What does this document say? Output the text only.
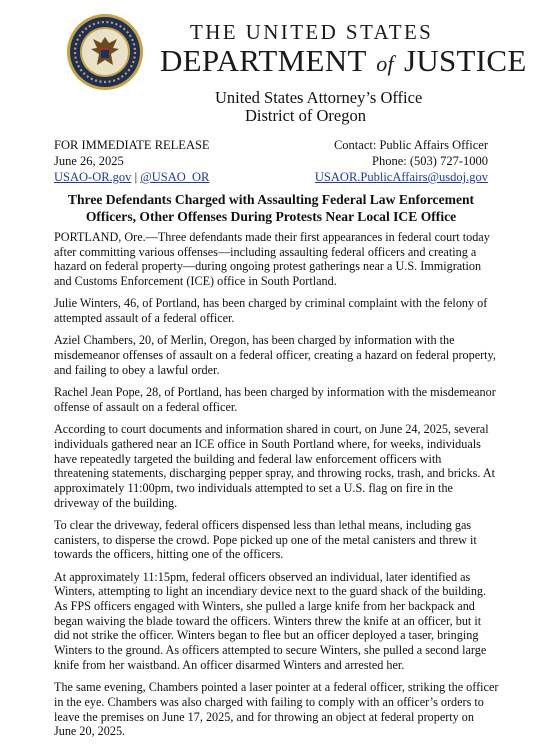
THE UNITED STATES
DEPARTMENT of JUSTICE
United States Attorney’s Office
District of Oregon
FOR IMMEDIATE RELEASE
June 26, 2025
USAO-OR.gov | @USAO_OR
Contact: Public Affairs Officer
Phone: (503) 727-1000
USAOR.PublicAffairs@usdoj.gov
Three Defendants Charged with Assaulting Federal Law Enforcement Officers, Other Offenses During Protests Near Local ICE Office

PORTLAND, Ore.—Three defendants made their first appearances in federal court today after committing various offenses—including assaulting federal officers and creating a hazard on federal property—during ongoing protest gatherings near a U.S. Immigration and Customs Enforcement (ICE) office in South Portland.

Julie Winters, 46, of Portland, has been charged by criminal complaint with the felony of attempted assault of a federal officer.

Aziel Chambers, 20, of Merlin, Oregon, has been charged by information with the misdemeanor offenses of assault on a federal officer, creating a hazard on federal property, and failing to obey a lawful order.

Rachel Jean Pope, 28, of Portland, has been charged by information with the misdemeanor offense of assault on a federal officer.

According to court documents and information shared in court, on June 24, 2025, several individuals gathered near an ICE office in South Portland where, for weeks, individuals have repeatedly targeted the building and federal law enforcement officers with threatening statements, discharging pepper spray, and throwing rocks, trash, and bricks. At approximately 11:00pm, two individuals attempted to set a U.S. flag on fire in the driveway of the building.

To clear the driveway, federal officers dispensed less than lethal means, including gas canisters, to disperse the crowd. Pope picked up one of the metal canisters and threw it towards the officers, hitting one of the officers.

At approximately 11:15pm, federal officers observed an individual, later identified as Winters, attempting to light an incendiary device next to the guard shack of the building. As FPS officers engaged with Winters, she pulled a large knife from her backpack and began waiving the blade toward the officers. Winters threw the knife at an officer, but it did not strike the officer. Winters began to flee but an officer deployed a taser, bringing Winters to the ground. As officers attempted to secure Winters, she pulled a second large knife from her waistband. An officer disarmed Winters and arrested her.

The same evening, Chambers pointed a laser pointer at a federal officer, striking the officer in the eye. Chambers was also charged with failing to comply with an officer’s orders to leave the premises on June 17, 2025, and for throwing an object at federal property on June 20, 2025.
